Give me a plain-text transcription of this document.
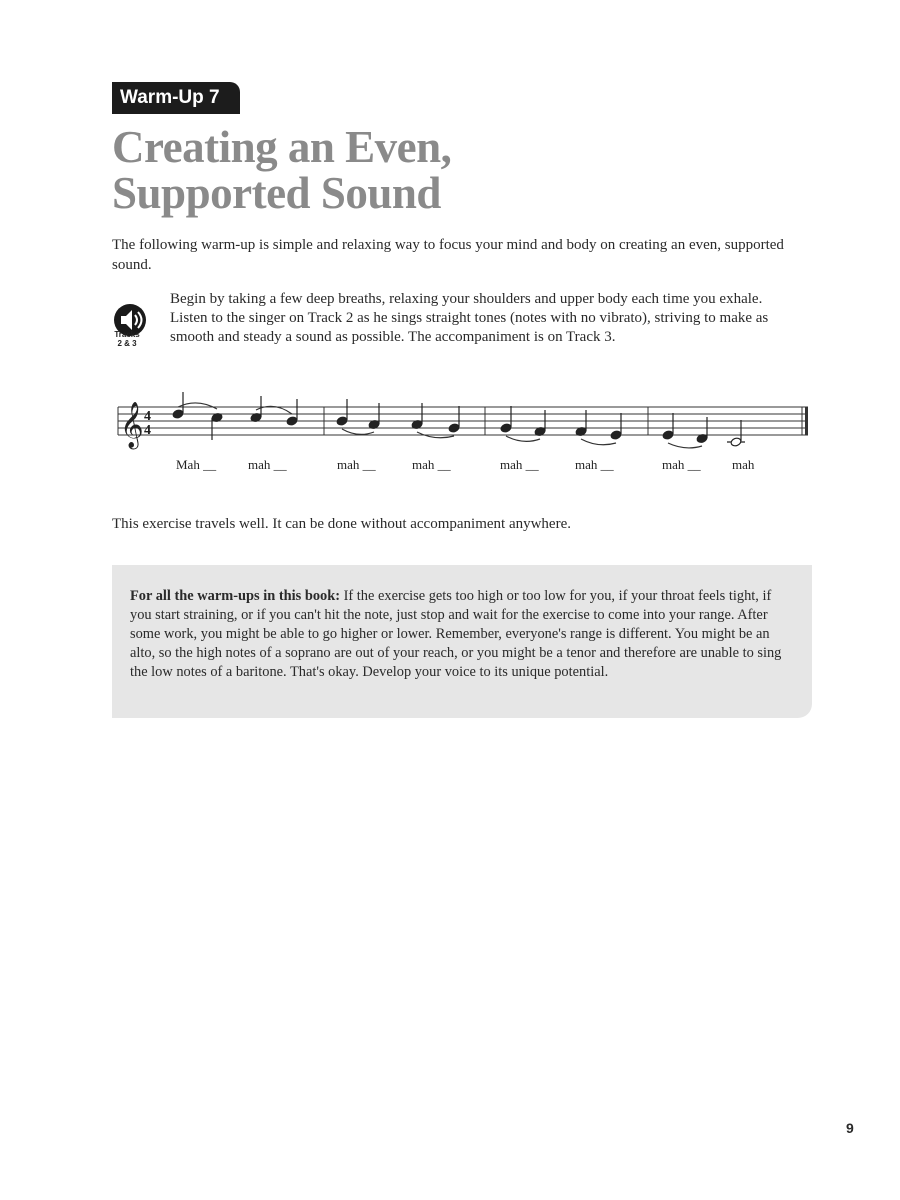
Warm-Up 7
Creating an Even,
Supported Sound

The following warm-up is simple and relaxing way to focus your mind and body on creating an even, supported sound.

Tracks
2 & 3

Begin by taking a few deep breaths, relaxing your shoulders and upper body each time you exhale. Listen to the singer on Track 2 as he sings straight tones (notes with no vibrato), striving to make as smooth and steady a sound as possible. The accompaniment is on Track 3.

𝄞 4
4
Mah __ mah __	mah __	mah __	mah __	mah __	mah __ mah

This exercise travels well. It can be done without accompaniment anywhere.

For all the warm-ups in this book: If the exercise gets too high or too low for you, if your throat feels tight, if you start straining, or if you can't hit the note, just stop and wait for the exercise to come into your range. After some work, you might be able to go higher or lower. Remember, everyone's range is different. You might be an alto, so the high notes of a soprano are out of your reach, or you might be a tenor and therefore are unable to sing the low notes of a baritone. That's okay. Develop your voice to its unique potential.

9
